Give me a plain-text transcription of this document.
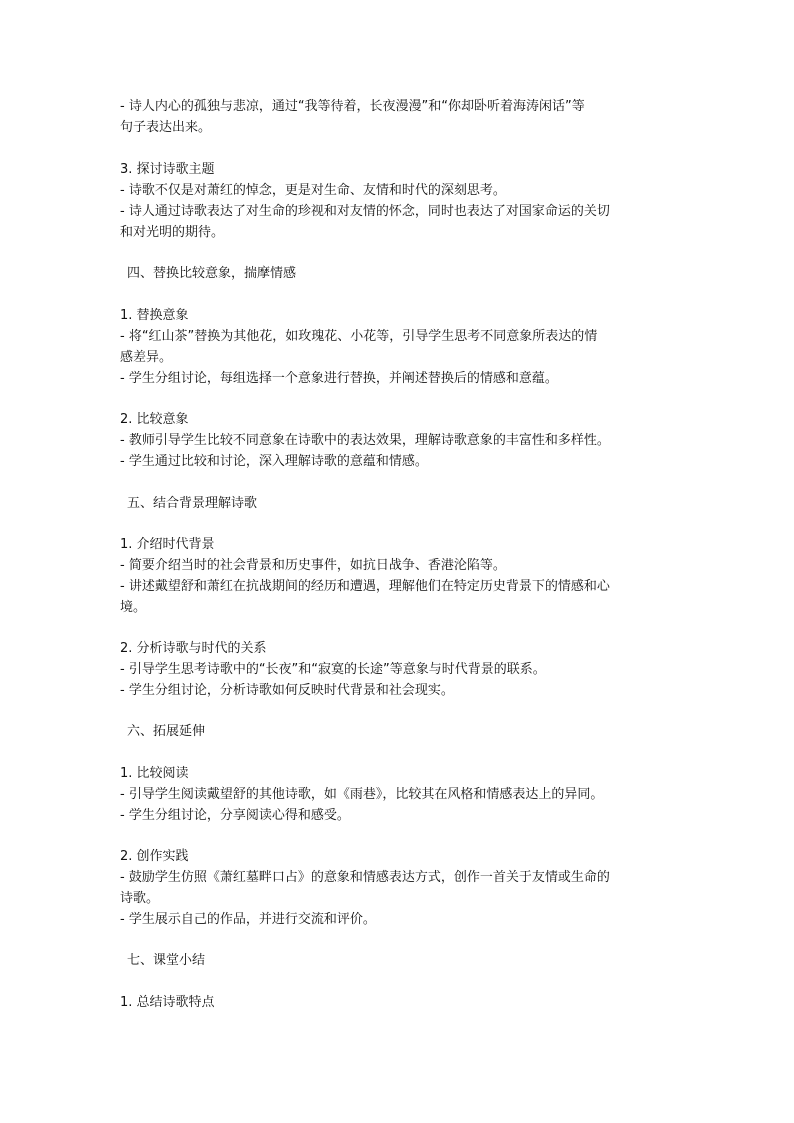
- 诗人内心的孤独与悲凉，通过“我等待着，长夜漫漫”和“你却卧听着海涛闲话”等
句子表达出来。
3. 探讨诗歌主题
- 诗歌不仅是对萧红的悼念，更是对生命、友情和时代的深刻思考。
- 诗人通过诗歌表达了对生命的珍视和对友情的怀念，同时也表达了对国家命运的关切
和对光明的期待。
四、替换比较意象，揣摩情感
1. 替换意象
- 将“红山茶”替换为其他花，如玫瑰花、小花等，引导学生思考不同意象所表达的情
感差异。
- 学生分组讨论，每组选择一个意象进行替换，并阐述替换后的情感和意蕴。
2. 比较意象
- 教师引导学生比较不同意象在诗歌中的表达效果，理解诗歌意象的丰富性和多样性。
- 学生通过比较和讨论，深入理解诗歌的意蕴和情感。
五、结合背景理解诗歌
1. 介绍时代背景
- 简要介绍当时的社会背景和历史事件，如抗日战争、香港沦陷等。
- 讲述戴望舒和萧红在抗战期间的经历和遭遇，理解他们在特定历史背景下的情感和心
境。
2. 分析诗歌与时代的关系
- 引导学生思考诗歌中的“长夜”和“寂寞的长途”等意象与时代背景的联系。
- 学生分组讨论，分析诗歌如何反映时代背景和社会现实。
六、拓展延伸
1. 比较阅读
- 引导学生阅读戴望舒的其他诗歌，如《雨巷》，比较其在风格和情感表达上的异同。
- 学生分组讨论，分享阅读心得和感受。
2. 创作实践
- 鼓励学生仿照《萧红墓畔口占》的意象和情感表达方式，创作一首关于友情或生命的
诗歌。
- 学生展示自己的作品，并进行交流和评价。
七、课堂小结
1. 总结诗歌特点
